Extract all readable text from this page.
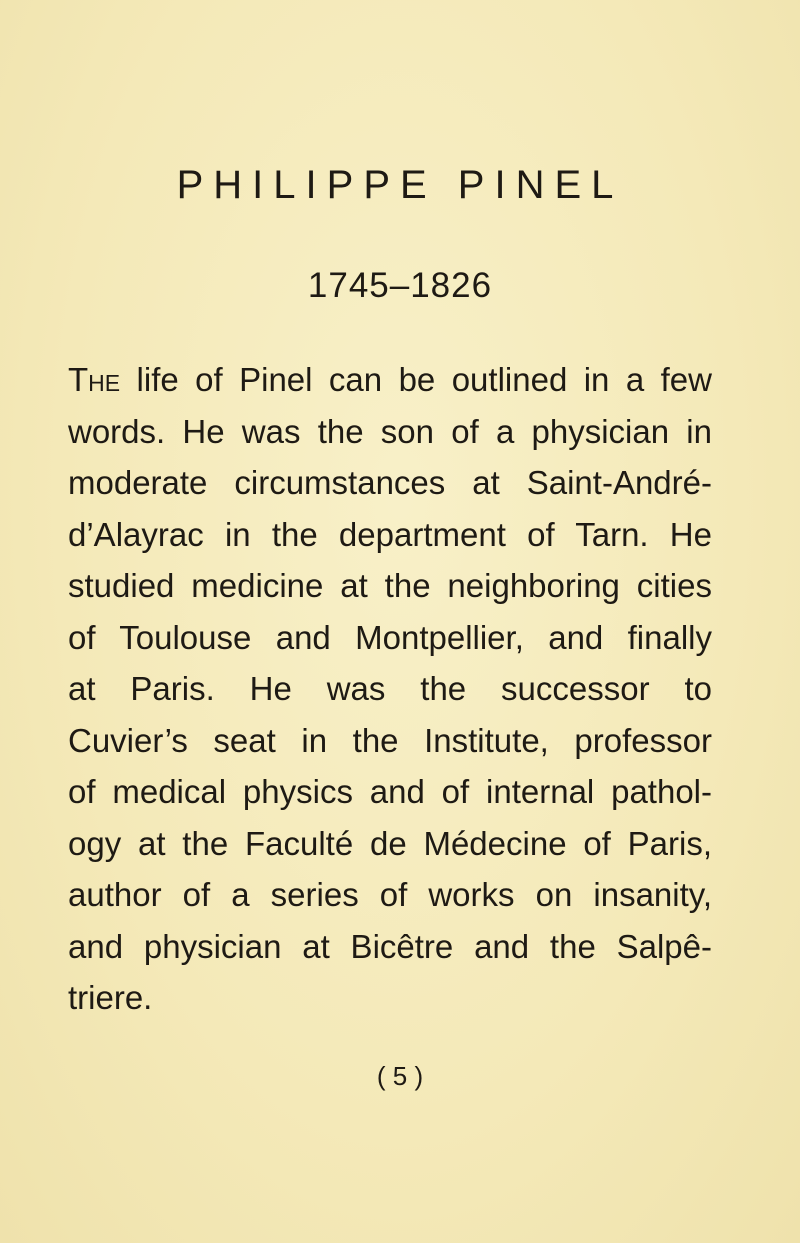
PHILIPPE PINEL
1745–1826
The life of Pinel can be outlined in a few
words. He was the son of a physician in
moderate circumstances at Saint-André-
d’Alayrac in the department of Tarn. He
studied medicine at the neighboring cities
of Toulouse and Montpellier, and finally
at Paris. He was the successor to
Cuvier’s seat in the Institute, professor
of medical physics and of internal pathol-
ogy at the Faculté de Médecine of Paris,
author of a series of works on insanity,
and physician at Bicêtre and the Salpê-
triere.
( 5 )
